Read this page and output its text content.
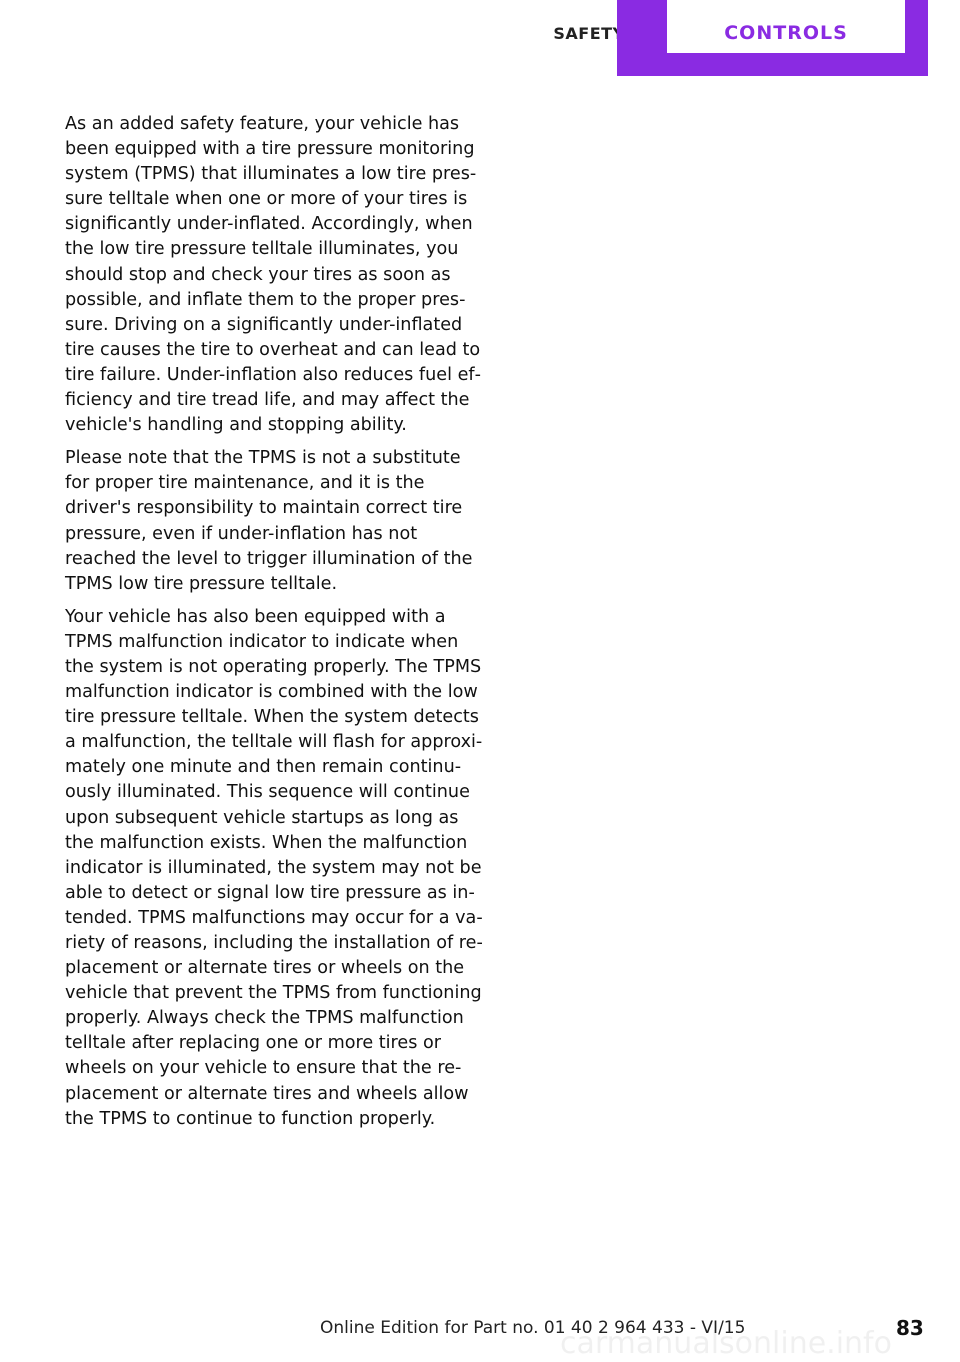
SAFETY	CONTROLS

As an added safety feature, your vehicle has been equipped with a tire pressure monitoring system (TPMS) that illuminates a low tire pressure telltale when one or more of your tires is significantly under-inflated. Accordingly, when the low tire pressure telltale illuminates, you should stop and check your tires as soon as possible, and inflate them to the proper pressure. Driving on a significantly under-inflated tire causes the tire to overheat and can lead to tire failure. Under-inflation also reduces fuel efficiency and tire tread life, and may affect the vehicle's handling and stopping ability.

Please note that the TPMS is not a substitute for proper tire maintenance, and it is the driver's responsibility to maintain correct tire pressure, even if under-inflation has not reached the level to trigger illumination of the TPMS low tire pressure telltale.

Your vehicle has also been equipped with a TPMS malfunction indicator to indicate when the system is not operating properly. The TPMS malfunction indicator is combined with the low tire pressure telltale. When the system detects a malfunction, the telltale will flash for approximately one minute and then remain continuously illuminated. This sequence will continue upon subsequent vehicle startups as long as the malfunction exists. When the malfunction indicator is illuminated, the system may not be able to detect or signal low tire pressure as intended. TPMS malfunctions may occur for a variety of reasons, including the installation of replacement or alternate tires or wheels on the vehicle that prevent the TPMS from functioning properly. Always check the TPMS malfunction telltale after replacing one or more tires or wheels on your vehicle to ensure that the replacement or alternate tires and wheels allow the TPMS to continue to function properly.

carmanualsonline.info
Online Edition for Part no. 01 40 2 964 433 - VI/15	83
